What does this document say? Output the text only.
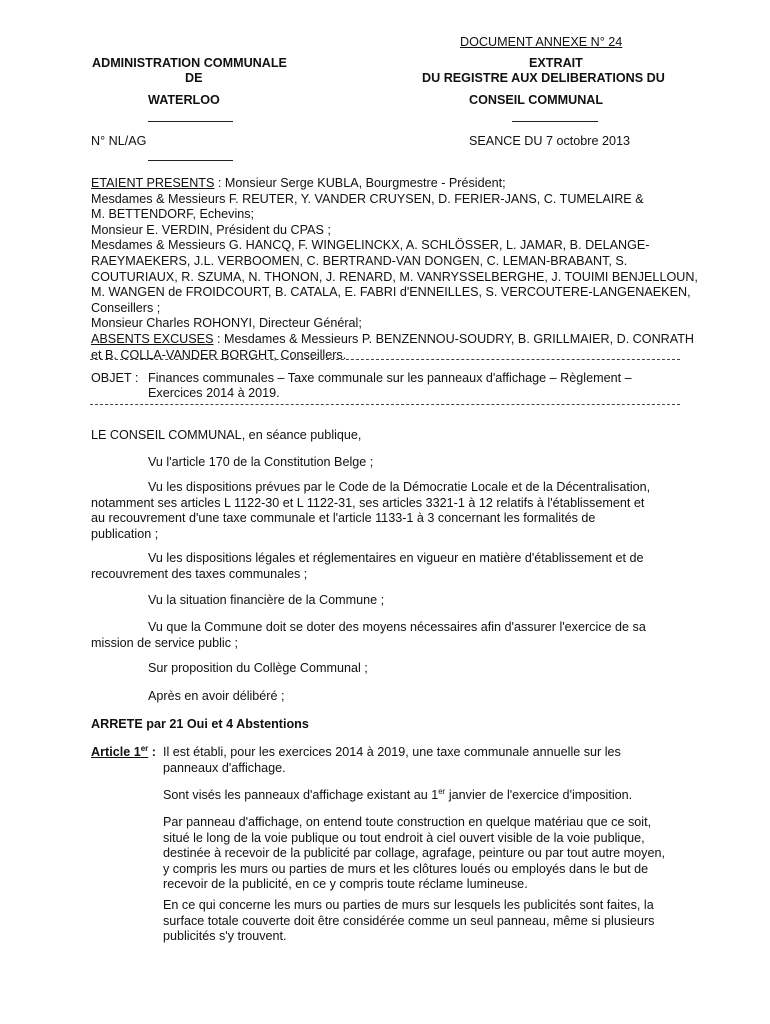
DOCUMENT ANNEXE N° 24
ADMINISTRATION COMMUNALE
DE
WATERLOO
EXTRAIT
DU REGISTRE AUX DELIBERATIONS DU
CONSEIL COMMUNAL
N° NL/AG	SEANCE DU 7 octobre 2013

ETAIENT PRESENTS : Monsieur Serge KUBLA, Bourgmestre - Président;

Mesdames & Messieurs F. REUTER, Y. VANDER CRUYSEN, D. FERIER-JANS, C. TUMELAIRE &

M. BETTENDORF, Echevins;

Monsieur E. VERDIN, Président du CPAS ;

Mesdames & Messieurs G. HANCQ, F. WINGELINCKX, A. SCHLÖSSER, L. JAMAR, B. DELANGE-

RAEYMAEKERS, J.L. VERBOOMEN, C. BERTRAND-VAN DONGEN, C. LEMAN-BRABANT, S.

COUTURIAUX, R. SZUMA, N. THONON, J. RENARD, M. VANRYSSELBERGHE, J. TOUIMI BENJELLOUN,

M. WANGEN de FROIDCOURT, B. CATALA, E. FABRI d'ENNEILLES, S. VERCOUTERE-LANGENAEKEN,

Conseillers ;

Monsieur Charles ROHONYI, Directeur Général;

ABSENTS EXCUSES : Mesdames & Messieurs P. BENZENNOU-SOUDRY, B. GRILLMAIER, D. CONRATH

et B. COLLA-VANDER BORGHT, Conseillers.

OBJET : Finances communales – Taxe communale sur les panneaux d'affichage – Règlement –
Exercices 2014 à 2019.
LE CONSEIL COMMUNAL, en séance publique,
Vu l'article 170 de la Constitution Belge ;

Vu les dispositions prévues par le Code de la Démocratie Locale et de la Décentralisation,

notamment ses articles L 1122-30 et L 1122-31, ses articles 3321-1 à 12 relatifs à l'établissement et

au recouvrement d'une taxe communale et l'article 1133-1 à 3 concernant les formalités de

publication ;

Vu les dispositions légales et réglementaires en vigueur en matière d'établissement et de

recouvrement des taxes communales ;

Vu la situation financière de la Commune ;

Vu que la Commune doit se doter des moyens nécessaires afin d'assurer l'exercice de sa

mission de service public ;

Sur proposition du Collège Communal ;
Après en avoir délibéré ;
ARRETE par 21 Oui et 4 Abstentions
Article 1er : Il est établi, pour les exercices 2014 à 2019, une taxe communale annuelle sur les

panneaux d'affichage.

Sont visés les panneaux d'affichage existant au 1er janvier de l'exercice d'imposition.

Par panneau d'affichage, on entend toute construction en quelque matériau que ce soit,

situé le long de la voie publique ou tout endroit à ciel ouvert visible de la voie publique,

destinée à recevoir de la publicité par collage, agrafage, peinture ou par tout autre moyen,

y compris les murs ou parties de murs et les clôtures loués ou employés dans le but de

recevoir de la publicité, en ce y compris toute réclame lumineuse.

En ce qui concerne les murs ou parties de murs sur lesquels les publicités sont faites, la

surface totale couverte doit être considérée comme un seul panneau, même si plusieurs

publicités s'y trouvent.
